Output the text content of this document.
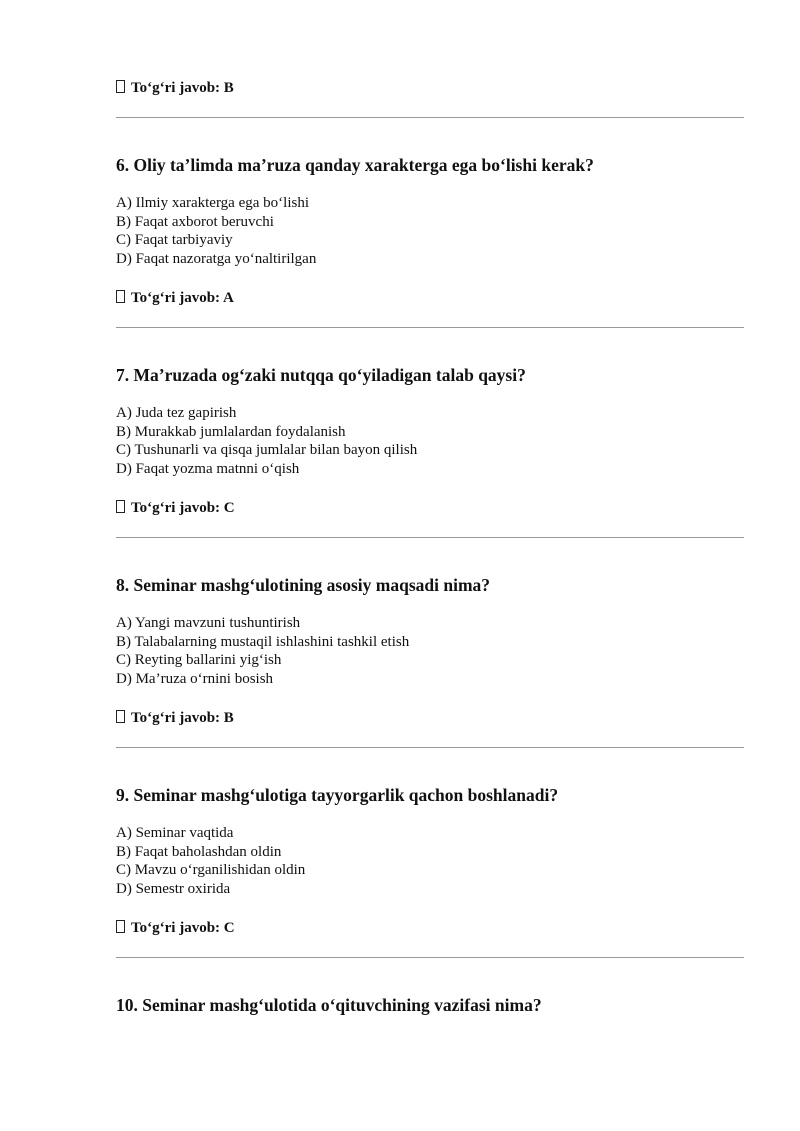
To‘g‘ri javob: B
6. Oliy ta’limda ma’ruza qanday xarakterga ega bo‘lishi kerak?
A) Ilmiy xarakterga ega bo‘lishi
B) Faqat axborot beruvchi
C) Faqat tarbiyaviy
D) Faqat nazoratga yo‘naltirilgan
To‘g‘ri javob: A
7. Ma’ruzada og‘zaki nutqqa qo‘yiladigan talab qaysi?
A) Juda tez gapirish
B) Murakkab jumlalardan foydalanish
C) Tushunarli va qisqa jumlalar bilan bayon qilish
D) Faqat yozma matnni o‘qish
To‘g‘ri javob: C
8. Seminar mashg‘ulotining asosiy maqsadi nima?
A) Yangi mavzuni tushuntirish
B) Talabalarning mustaqil ishlashini tashkil etish
C) Reyting ballarini yig‘ish
D) Ma’ruza o‘rnini bosish
To‘g‘ri javob: B
9. Seminar mashg‘ulotiga tayyorgarlik qachon boshlanadi?
A) Seminar vaqtida
B) Faqat baholashdan oldin
C) Mavzu o‘rganilishidan oldin
D) Semestr oxirida
To‘g‘ri javob: C
10. Seminar mashg‘ulotida o‘qituvchining vazifasi nima?
